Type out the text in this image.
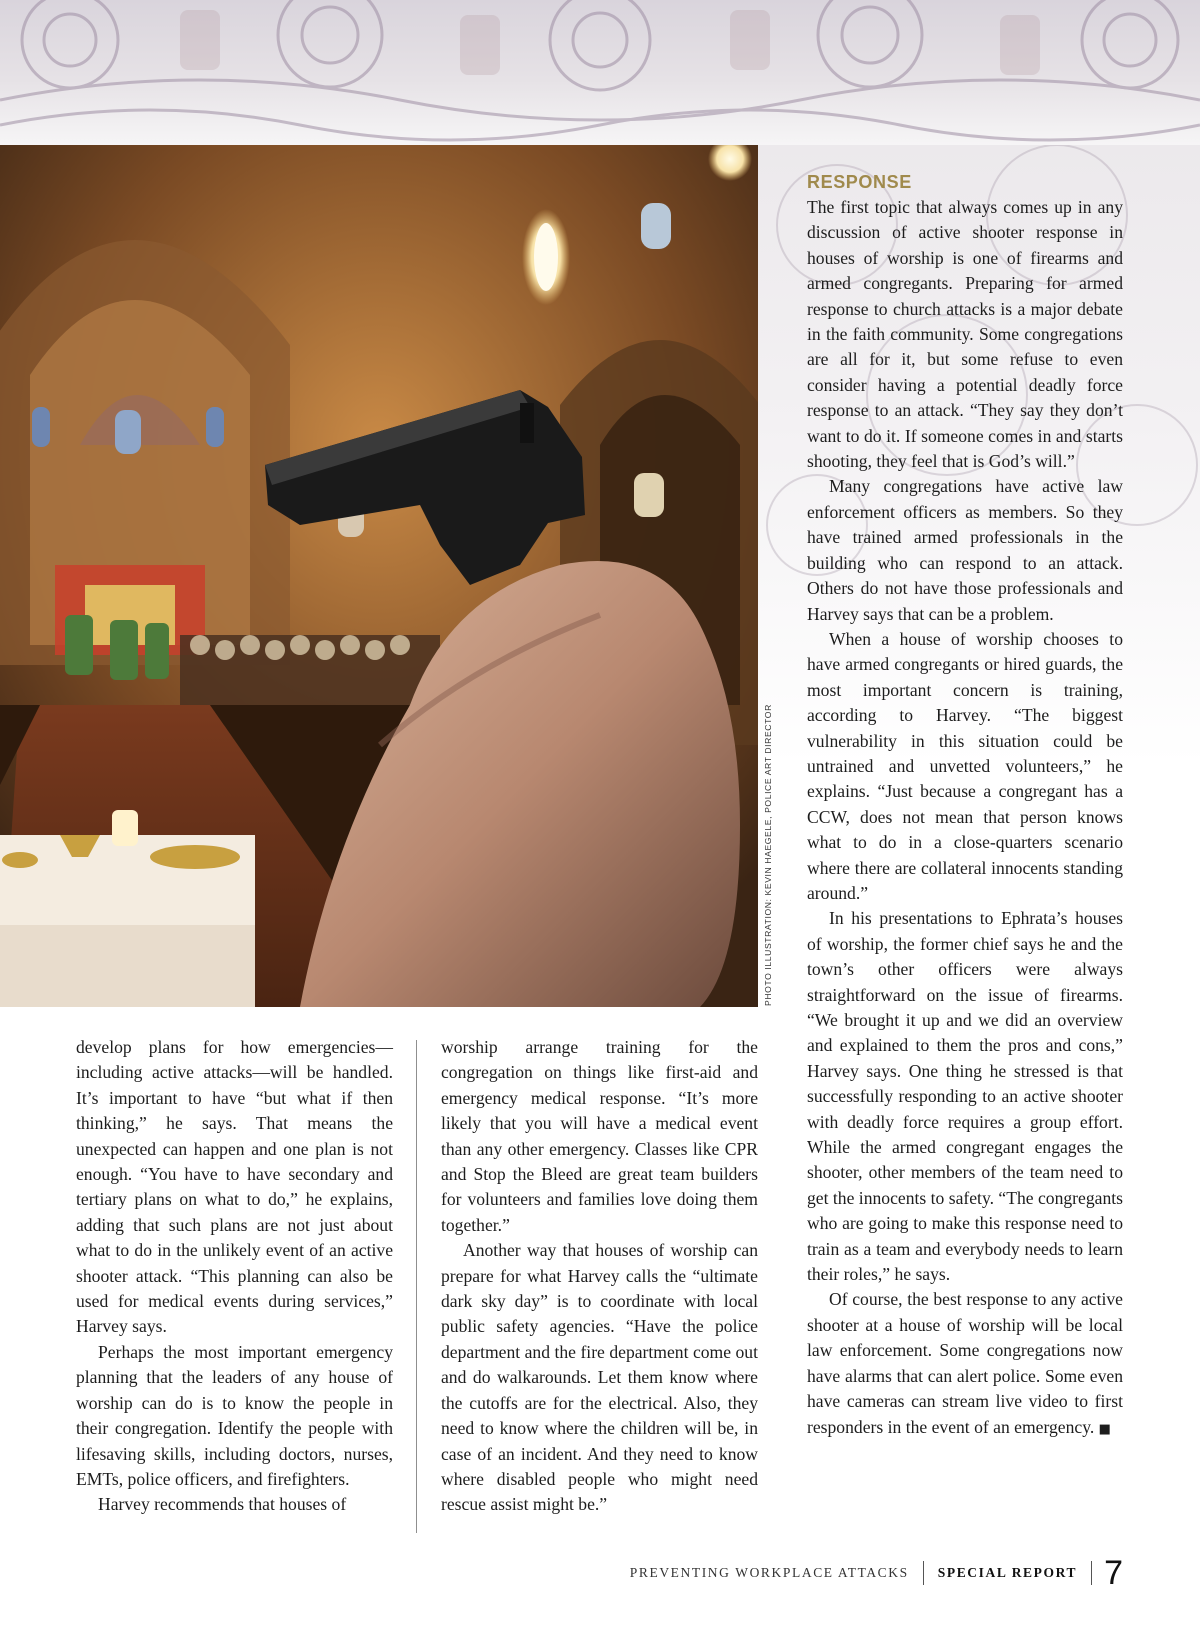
PHOTO ILLUSTRATION: KEVIN HAEGELE, POLICE ART DIRECTOR

develop plans for how emergencies—including active attacks—will be handled. It’s important to have “but what if then thinking,” he says. That means the unexpected can happen and one plan is not enough. “You have to have secondary and tertiary plans on what to do,” he explains, adding that such plans are not just about what to do in the unlikely event of an active shooter attack. “This planning can also be used for medical events during services,” Harvey says.

Perhaps the most important emergency planning that the leaders of any house of worship can do is to know the people in their congregation. Identify the people with lifesaving skills, including doctors, nurses, EMTs, police officers, and firefighters.

Harvey recommends that houses of

worship arrange training for the congregation on things like first-aid and emergency medical response. “It’s more likely that you will have a medical event than any other emergency. Classes like CPR and Stop the Bleed are great team builders for volunteers and families love doing them together.”

Another way that houses of worship can prepare for what Harvey calls the “ultimate dark sky day” is to coordinate with local public safety agencies. “Have the police department and the fire department come out and do walkarounds. Let them know where the cutoffs are for the electrical. Also, they need to know where the children will be, in case of an incident. And they need to know where disabled people who might need rescue assist might be.”

RESPONSE

The first topic that always comes up in any discussion of active shooter response in houses of worship is one of firearms and armed congregants. Preparing for armed response to church attacks is a major debate in the faith community. Some congregations are all for it, but some refuse to even consider having a potential deadly force response to an attack. “They say they don’t want to do it. If someone comes in and starts shooting, they feel that is God’s will.”

Many congregations have active law enforcement officers as members. So they have trained armed professionals in the building who can respond to an attack. Others do not have those professionals and Harvey says that can be a problem.

When a house of worship chooses to have armed congregants or hired guards, the most important concern is training, according to Harvey. “The biggest vulnerability in this situation could be untrained and unvetted volunteers,” he explains. “Just because a congregant has a CCW, does not mean that person knows what to do in a close-quarters scenario where there are collateral innocents standing around.”

In his presentations to Ephrata’s houses of worship, the former chief says he and the town’s other officers were always straightforward on the issue of firearms. “We brought it up and we did an overview and explained to them the pros and cons,” Harvey says. One thing he stressed is that successfully responding to an active shooter with deadly force requires a group effort. While the armed congregant engages the shooter, other members of the team need to get the innocents to safety. “The congregants who are going to make this response need to train as a team and everybody needs to learn their roles,” he says.

Of course, the best response to any active shooter at a house of worship will be local law enforcement. Some congregations now have alarms that can alert police. Some even have cameras can stream live video to first responders in the event of an emergency. ■

PREVENTING WORKPLACE ATTACKS SPECIAL REPORT 7
